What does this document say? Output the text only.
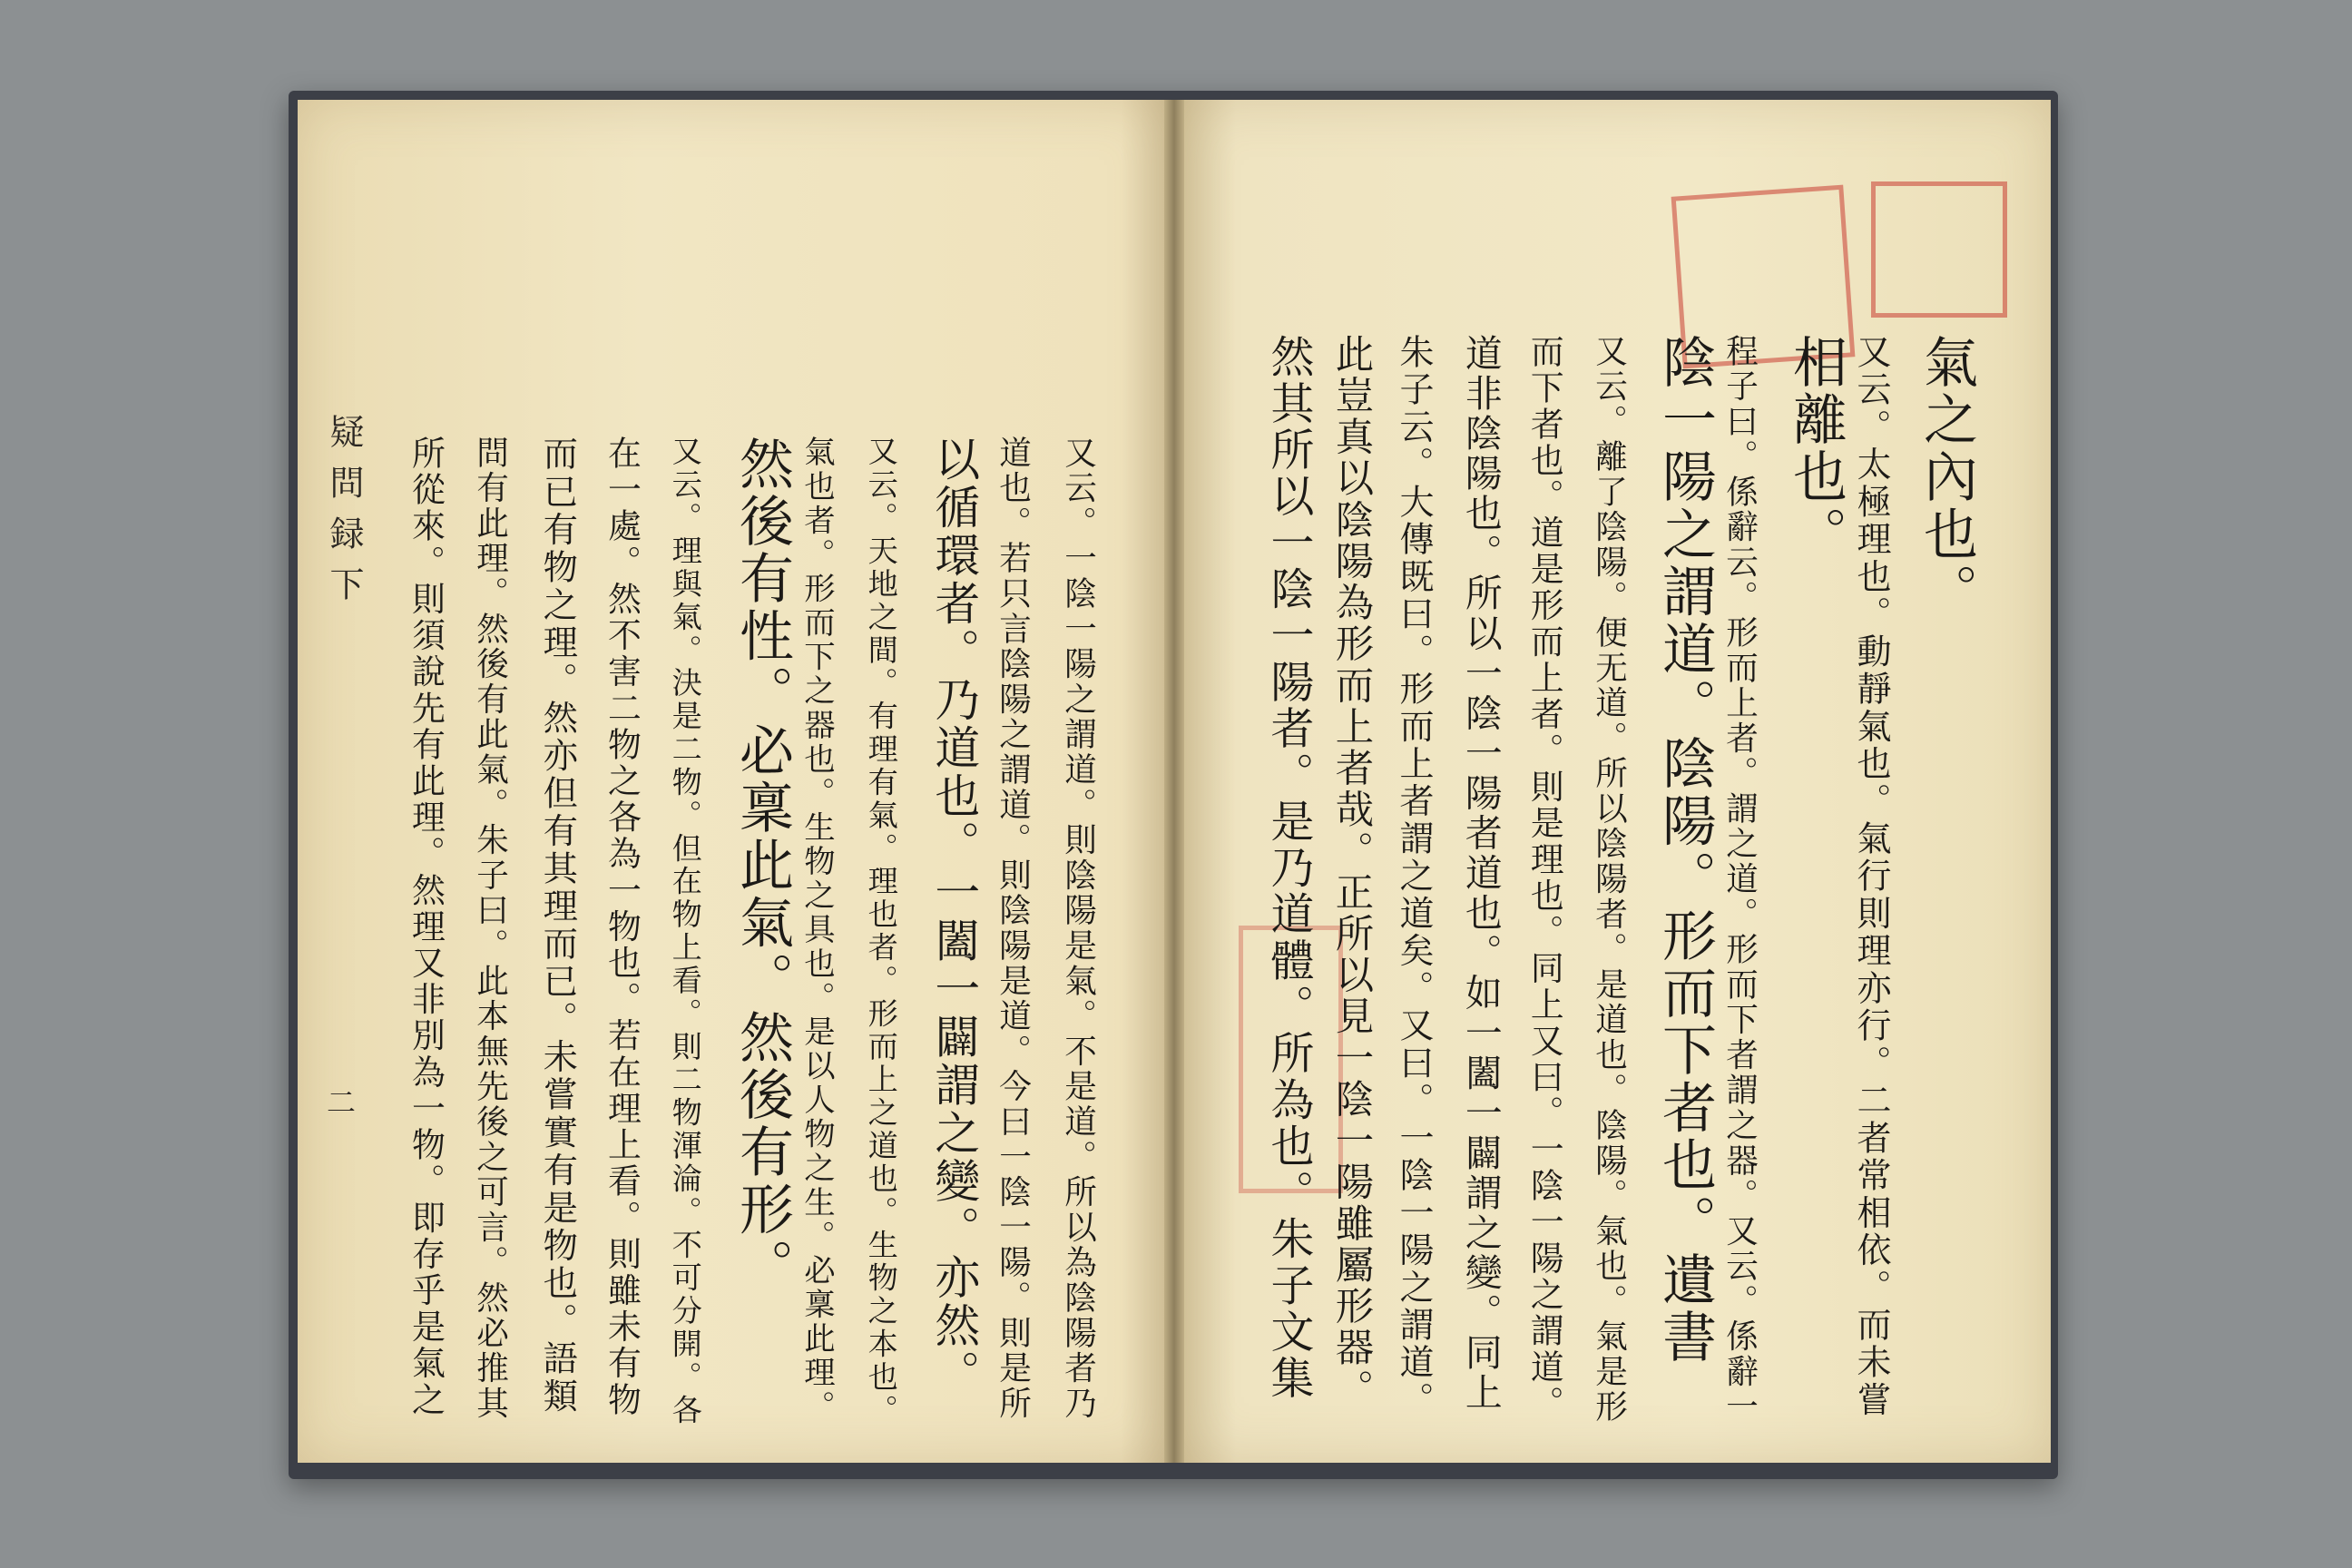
疑問録下
二	又云。一陰一陽之謂道。則陰陽是氣。不是道。所以為陰陽者乃
道也。若只言陰陽之謂道。則陰陽是道。今曰一陰一陽。則是所
以循環者。乃道也。一闔一闢謂之變。亦然。
又云。天地之間。有理有氣。理也者。形而上之道也。生物之本也。
氣也者。形而下之器也。生物之具也。是以人物之生。必稟此理。
然後有性。必稟此氣。然後有形。
又云。理與氣。決是二物。但在物上看。則二物渾淪。不可分開。各
在一處。然不害二物之各為一物也。若在理上看。則雖未有物
而已有物之理。然亦但有其理而已。未嘗實有是物也。語類
問有此理。然後有此氣。朱子曰。此本無先後之可言。然必推其
所從來。則須說先有此理。然理又非別為一物。即存乎是氣之	氣之內也。
又云。太極理也。動靜氣也。氣行則理亦行。二者常相依。而未嘗
相離也。
程子曰。係辭云。形而上者。謂之道。形而下者謂之器。又云。係辭一
陰一陽之謂道。陰陽。形而下者也。遺書
又云。離了陰陽。便无道。所以陰陽者。是道也。陰陽。氣也。氣是形
而下者也。道是形而上者。則是理也。同上又曰。一陰一陽之謂道。
道非陰陽也。所以一陰一陽者道也。如一闔一闢謂之變。同上
朱子云。大傳既曰。形而上者謂之道矣。又曰。一陰一陽之謂道。
此豈真以陰陽為形而上者哉。正所以見一陰一陽雖屬形器。
然其所以一陰一陽者。是乃道體。所為也。朱子文集
